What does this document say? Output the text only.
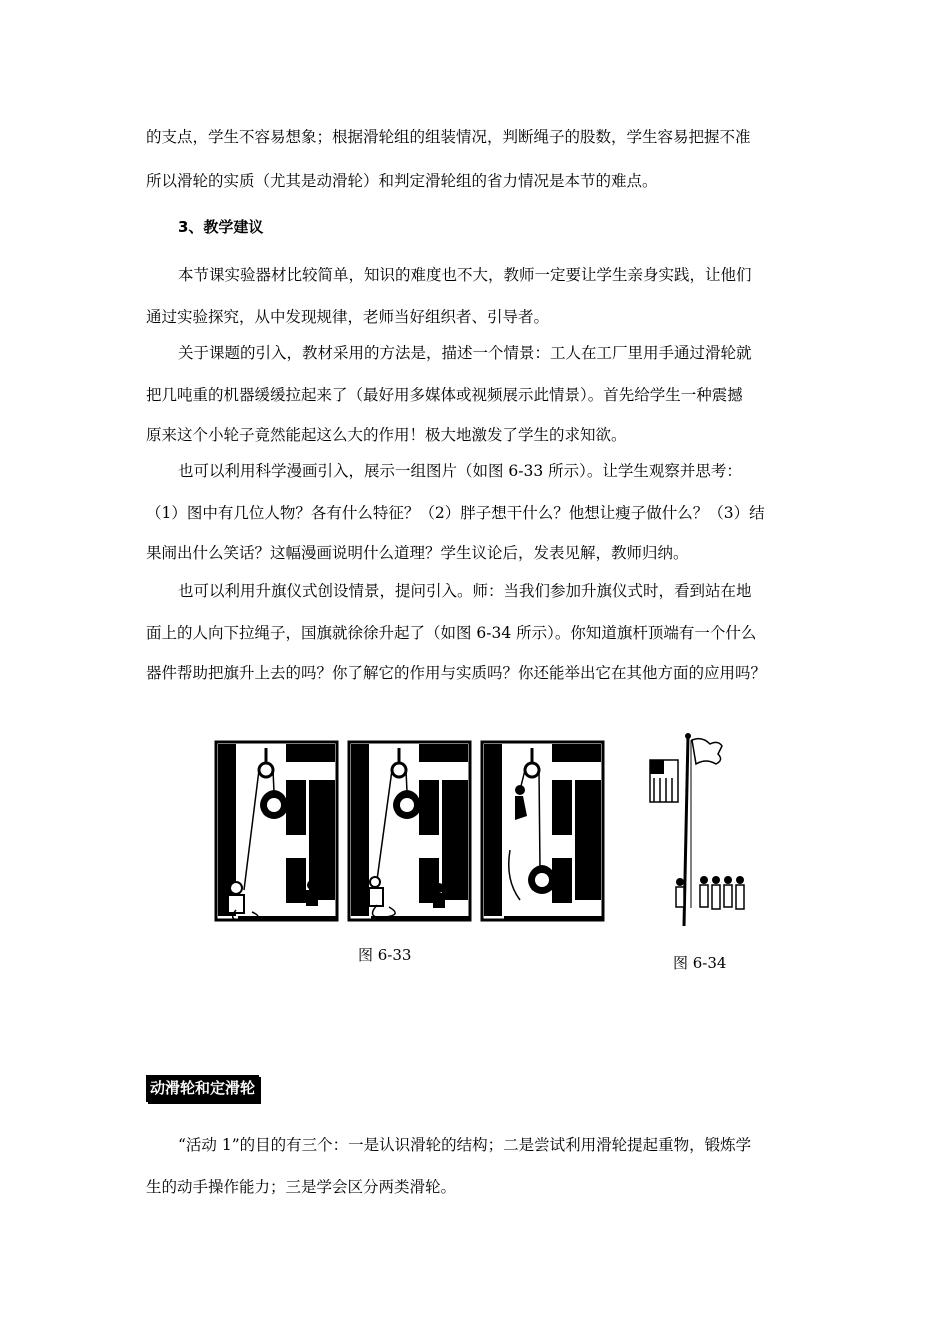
的支点，学生不容易想象；根据滑轮组的组装情况，判断绳子的股数，学生容易把握不准
所以滑轮的实质（尤其是动滑轮）和判定滑轮组的省力情况是本节的难点。
3、教学建议
本节课实验器材比较简单，知识的难度也不大，教师一定要让学生亲身实践，让他们
通过实验探究，从中发现规律，老师当好组织者、引导者。
关于课题的引入，教材采用的方法是，描述一个情景：工人在工厂里用手通过滑轮就
把几吨重的机器缓缓拉起来了（最好用多媒体或视频展示此情景）。首先给学生一种震撼
原来这个小轮子竟然能起这么大的作用！极大地激发了学生的求知欲。
也可以利用科学漫画引入，展示一组图片（如图 6-33 所示）。让学生观察并思考：
（1）图中有几位人物？各有什么特征？（2）胖子想干什么？他想让瘦子做什么？（3）结
果闹出什么笑话？这幅漫画说明什么道理？学生议论后，发表见解，教师归纳。
也可以利用升旗仪式创设情景，提问引入。师：当我们参加升旗仪式时，看到站在地
面上的人向下拉绳子，国旗就徐徐升起了（如图 6-34 所示）。你知道旗杆顶端有一个什么
器件帮助把旗升上去的吗？你了解它的作用与实质吗？你还能举出它在其他方面的应用吗？
图 6-33	图 6-34
动滑轮和定滑轮
“活动 1”的目的有三个：一是认识滑轮的结构；二是尝试利用滑轮提起重物，锻炼学
生的动手操作能力；三是学会区分两类滑轮。
